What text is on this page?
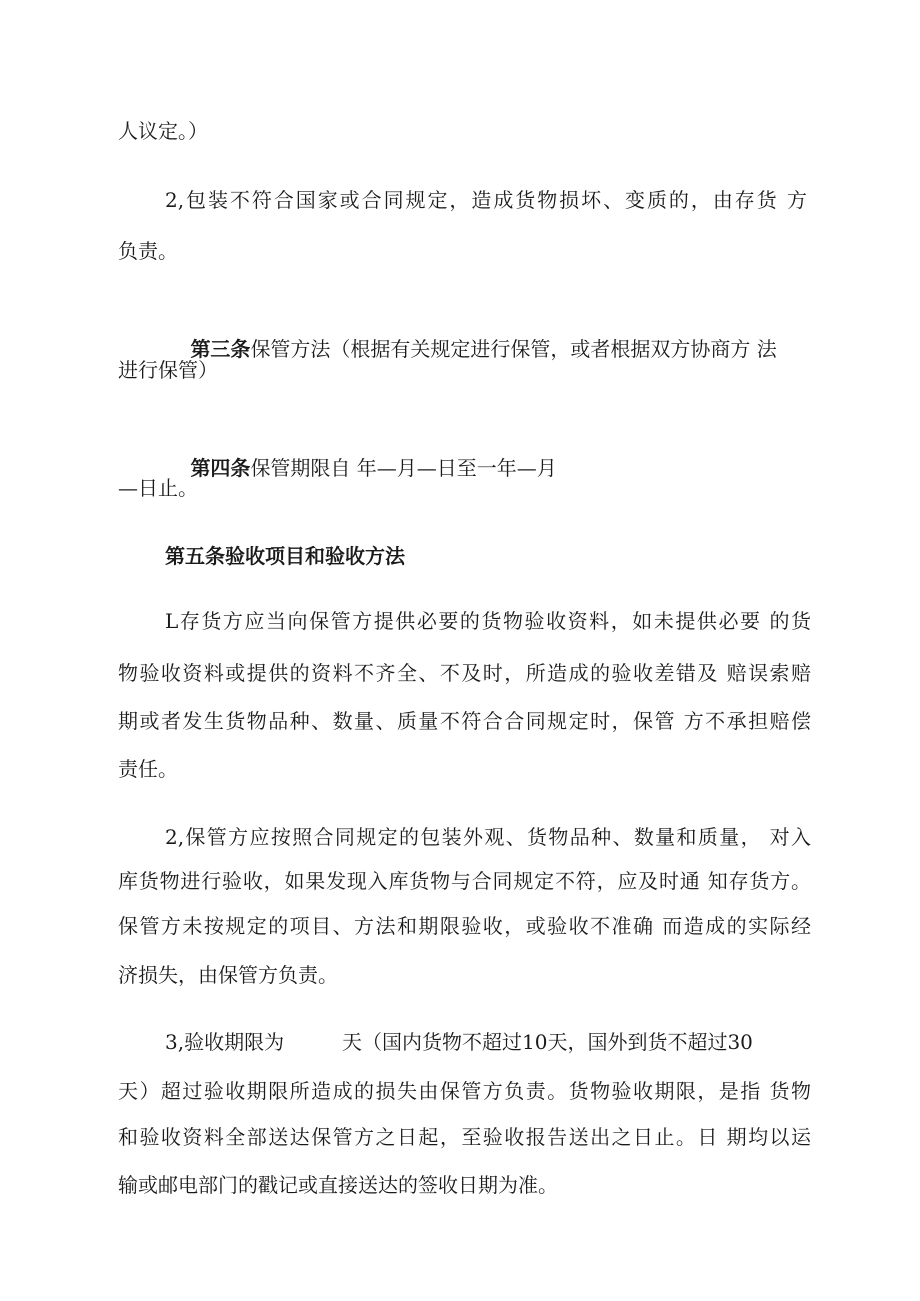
人议定。）
2,包装不符合国家或合同规定，造成货物损坏、变质的，由存货 方
负责。

第三条保管方法（根据有关规定进行保管，或者根据双方协商方 法

进行保管）

第四条保管期限自 年—月—日至一年—月

—日止。
第五条验收项目和验收方法
L存货方应当向保管方提供必要的货物验收资料，如未提供必要 的货
物验收资料或提供的资料不齐全、不及时，所造成的验收差错及 赔误索赔
期或者发生货物品种、数量、质量不符合合同规定时，保管 方不承担赔偿
责任。
2,保管方应按照合同规定的包装外观、货物品种、数量和质量， 对入
库货物进行验收，如果发现入库货物与合同规定不符，应及时通 知存货方。
保管方未按规定的项目、方法和期限验收，或验收不准确 而造成的实际经
济损失，由保管方负责。
3,验收期限为	天（国内货物不超过10天，国外到货不超过30
天）超过验收期限所造成的损失由保管方负责。货物验收期限，是指 货物
和验收资料全部送达保管方之日起，至验收报告送出之日止。日 期均以运
输或邮电部门的戳记或直接送达的签收日期为准。
